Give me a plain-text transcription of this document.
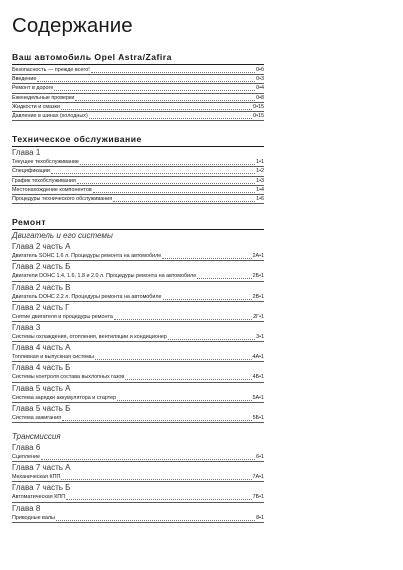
Содержание
Ваш автомобиль Opel Astra/Zafira
Безопасность — прежде всего!	0•б
Введение	0•3
Ремонт в дороге	0•4
Еженедельные проверки	0•8
Жидкости и смазки	0•15
Давление в шинах (холодных)	0•15
Техническое обслуживание
Глава 1
Текущее техобслуживание	1•1
Спецификации	1•2
График техобслуживания	1•3
Местонахождение компонентов	1•4
Процедуры технического обслуживания	1•6
Ремонт
Двигатель и его системы
Глава 2 часть А
Двигатель SOHC 1.6 л. Процедуры ремонта на автомобиле	2А•1
Глава 2 часть Б
Двигатели DOHC 1.4, 1.6, 1.8 и 2.0 л. Процедуры ремонта на автомобиле	2Б•1
Глава 2 часть В
Двигатель DOHC 2.2 л. Процедуры ремонта на автомобиле	2В•1
Глава 2 часть Г
Снятие двигателя и процедуры ремонта	2Г•1
Глава 3
Системы охлаждения, отопления, вентиляции и кондиционер	3•1
Глава 4 часть А
Топливная и выпускная системы	4А•1
Глава 4 часть Б
Системы контроля состава выхлопных газов	4Б•1
Глава 5 часть А
Система зарядки аккумулятора и стартер	5А•1
Глава 5 часть Б
Система зажигания	5Б•1
Трансмиссия
Глава 6
Сцепление	6•1
Глава 7 часть А
Механическая КПП	7А•1
Глава 7 часть Б
Автоматическая КПП	7Б•1
Глава 8
Приводные валы	8•1
